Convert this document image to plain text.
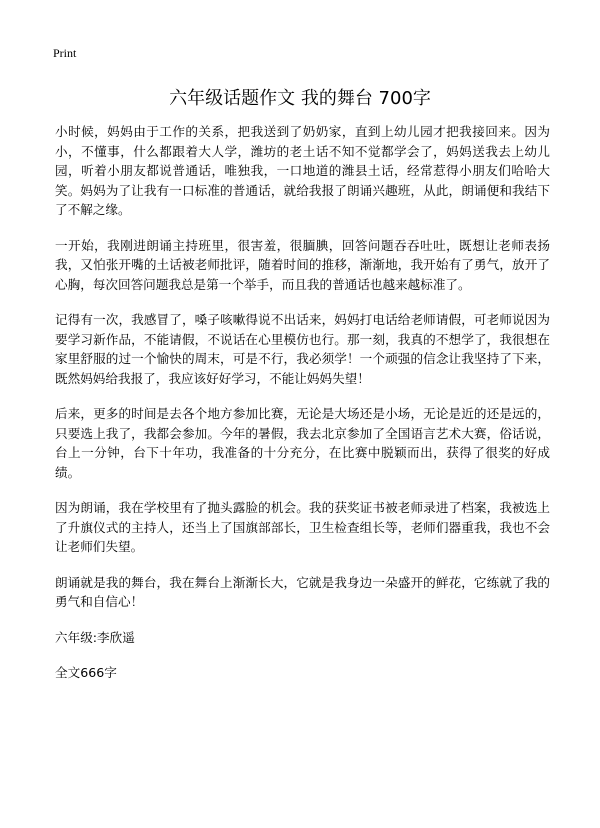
Print
六年级话题作文 我的舞台 700字

小时候，妈妈由于工作的关系，把我送到了奶奶家，直到上幼儿园才把我接回来。因为小，不懂事，什么都跟着大人学，潍坊的老土话不知不觉都学会了，妈妈送我去上幼儿园，听着小朋友都说普通话，唯独我，一口地道的潍县土话，经常惹得小朋友们哈哈大笑。妈妈为了让我有一口标准的普通话，就给我报了朗诵兴趣班，从此，朗诵便和我结下了不解之缘。

一开始，我刚进朗诵主持班里，很害羞，很腼腆，回答问题吞吞吐吐，既想让老师表扬我，又怕张开嘴的土话被老师批评，随着时间的推移，渐渐地，我开始有了勇气，放开了心胸，每次回答问题我总是第一个举手，而且我的普通话也越来越标准了。

记得有一次，我感冒了，嗓子咳嗽得说不出话来，妈妈打电话给老师请假，可老师说因为要学习新作品，不能请假，不说话在心里模仿也行。那一刻，我真的不想学了，我很想在家里舒服的过一个愉快的周末，可是不行，我必须学！一个顽强的信念让我坚持了下来，既然妈妈给我报了，我应该好好学习，不能让妈妈失望！

后来，更多的时间是去各个地方参加比赛，无论是大场还是小场，无论是近的还是远的，只要选上我了，我都会参加。今年的暑假，我去北京参加了全国语言艺术大赛，俗话说，台上一分钟，台下十年功，我准备的十分充分，在比赛中脱颖而出，获得了很奖的好成绩。

因为朗诵，我在学校里有了抛头露脸的机会。我的获奖证书被老师录进了档案，我被选上了升旗仪式的主持人，还当上了国旗部部长，卫生检查组长等，老师们器重我，我也不会让老师们失望。

朗诵就是我的舞台，我在舞台上渐渐长大，它就是我身边一朵盛开的鲜花，它练就了我的勇气和自信心！

六年级:李欣遥

全文666字
